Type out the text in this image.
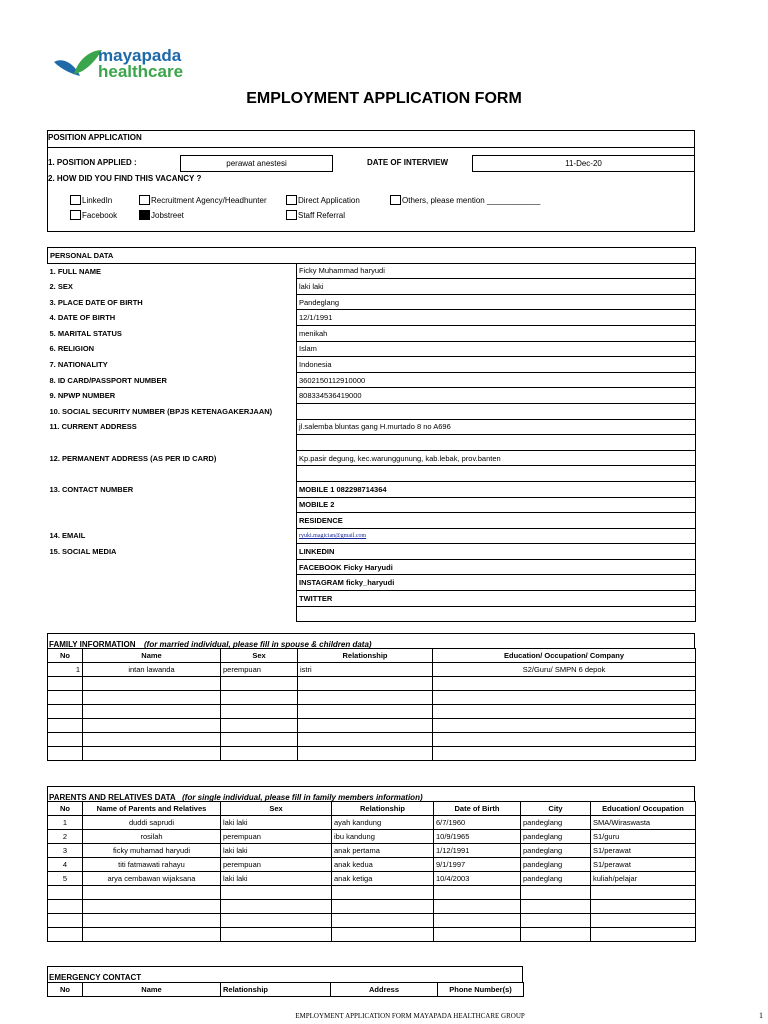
mayapada
healthcare
EMPLOYMENT APPLICATION FORM
POSITION APPLICATION
1. POSITION APPLIED :	perawat anestesi	DATE OF INTERVIEW	11-Dec-20
2. HOW DID YOU FIND THIS VACANCY ?
LinkedIn	Recruitment Agency/Headhunter	Direct Application	Others, please mention ____________
Facebook	Jobstreet	Staff Referral
PERSONAL DATA	
1. FULL NAME	Ficky Muhammad haryudi
2. SEX	laki laki
3. PLACE DATE OF BIRTH	Pandeglang
4. DATE OF BIRTH	12/1/1991
5. MARITAL STATUS	menikah
6. RELIGION	Islam
7. NATIONALITY	Indonesia
8. ID CARD/PASSPORT NUMBER	3602150112910000
9. NPWP NUMBER	808334536419000
10. SOCIAL SECURITY NUMBER (BPJS KETENAGAKERJAAN)	
11. CURRENT ADDRESS	jl.salemba bluntas gang H.murtado 8 no A696

12. PERMANENT ADDRESS (AS PER ID CARD)	Kp.pasir degung, kec.warunggunung, kab.lebak, prov.banten

13. CONTACT NUMBER	MOBILE 1 082298714364
	MOBILE 2
	RESIDENCE
14. EMAIL	ryuki.magician@gmail.com
15. SOCIAL MEDIA	LINKEDIN
	FACEBOOK Ficky Haryudi
	INSTAGRAM ficky_haryudi
	TWITTER

FAMILY INFORMATION (for married individual, please fill in spouse & children data)
No	Name	Sex	Relationship	Education/ Occupation/ Company
1	intan lawanda	perempuan	istri	S2/Guru/ SMPN 6 depok

PARENTS AND RELATIVES DATA (for single individual, please fill in family members information)
No	Name of Parents and Relatives	Sex	Relationship	Date of Birth	City	Education/ Occupation
1	duddi saprudi	laki laki	ayah kandung	6/7/1960	pandeglang	SMA/Wiraswasta
2	rosilah	perempuan	ibu kandung	10/9/1965	pandeglang	S1/guru
3	ficky muhamad haryudi	laki laki	anak pertama	1/12/1991	pandeglang	S1/perawat
4	titi fatmawati rahayu	perempuan	anak kedua	9/1/1997	pandeglang	S1/perawat
5	arya cembawan wijaksana	laki laki	anak ketiga	10/4/2003	pandeglang	kuliah/pelajar

EMERGENCY CONTACT
No	Name	Relationship	Address	Phone Number(s)
EMPLOYMENT APPLICATION FORM MAYAPADA HEALTHCARE GROUP	1
